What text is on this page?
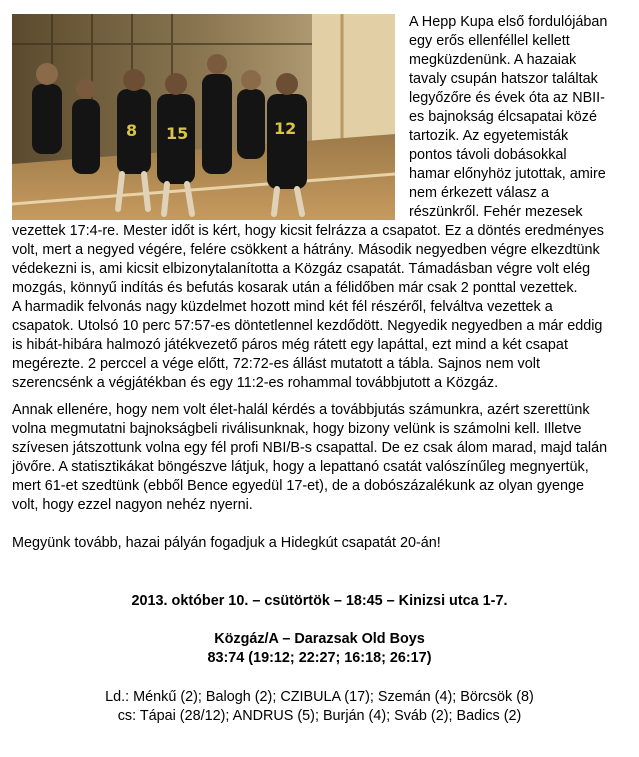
8 15	12
A Hepp Kupa első fordulójában
egy erős ellenféllel kellett
megküzdenünk. A hazaiak
tavaly csupán hatszor találtak
legyőzőre és évek óta az NBII-
es bajnokság élcsapatai közé
tartozik. Az egyetemisták
pontos távoli dobásokkal
hamar előnyhöz jutottak, amire
nem érkezett válasz a
részünkről. Fehér mezesek
vezettek 17:4-re. Mester időt is kért, hogy kicsit felrázza a csapatot. Ez a döntés eredményes
volt, mert a negyed végére, felére csökkent a hátrány. Második negyedben végre elkezdtünk
védekezni is, ami kicsit elbizonytalanította a Közgáz csapatát. Támadásban végre volt elég
mozgás, könnyű indítás és befutás kosarak után a félidőben már csak 2 ponttal vezettek.
A harmadik felvonás nagy küzdelmet hozott mind két fél részéről, felváltva vezettek a
csapatok. Utolsó 10 perc 57:57-es döntetlennel kezdődött. Negyedik negyedben a már eddig
is hibát-hibára halmozó játékvezető páros még rátett egy lapáttal, ezt mind a két csapat
megérezte. 2 perccel a vége előtt, 72:72-es állást mutatott a tábla. Sajnos nem volt
szerencsénk a végjátékban és egy 11:2-es rohammal továbbjutott a Közgáz.
Annak ellenére, hogy nem volt élet-halál kérdés a továbbjutás számunkra, azért szerettünk
volna megmutatni bajnokságbeli riválisunknak, hogy bizony velünk is számolni kell. Illetve
szívesen játszottunk volna egy fél profi NBI/B-s csapattal. De ez csak álom marad, majd talán
jövőre. A statisztikákat böngészve látjuk, hogy a lepattanó csatát valószínűleg megnyertük,
mert 61-et szedtünk (ebből Bence egyedül 17-et), de a dobószázalékunk az olyan gyenge
volt, hogy ezzel nagyon nehéz nyerni.
Megyünk tovább, hazai pályán fogadjuk a Hidegkút csapatát 20-án!
2013. október 10. – csütörtök – 18:45 – Kinizsi utca 1-7.
Közgáz/A – Darazsak Old Boys
83:74 (19:12; 22:27; 16:18; 26:17)
Ld.: Ménkű (2); Balogh (2); CZIBULA (17); Szemán (4); Börcsök (8)
cs: Tápai (28/12); ANDRUS (5); Burján (4); Sváb (2); Badics (2)
